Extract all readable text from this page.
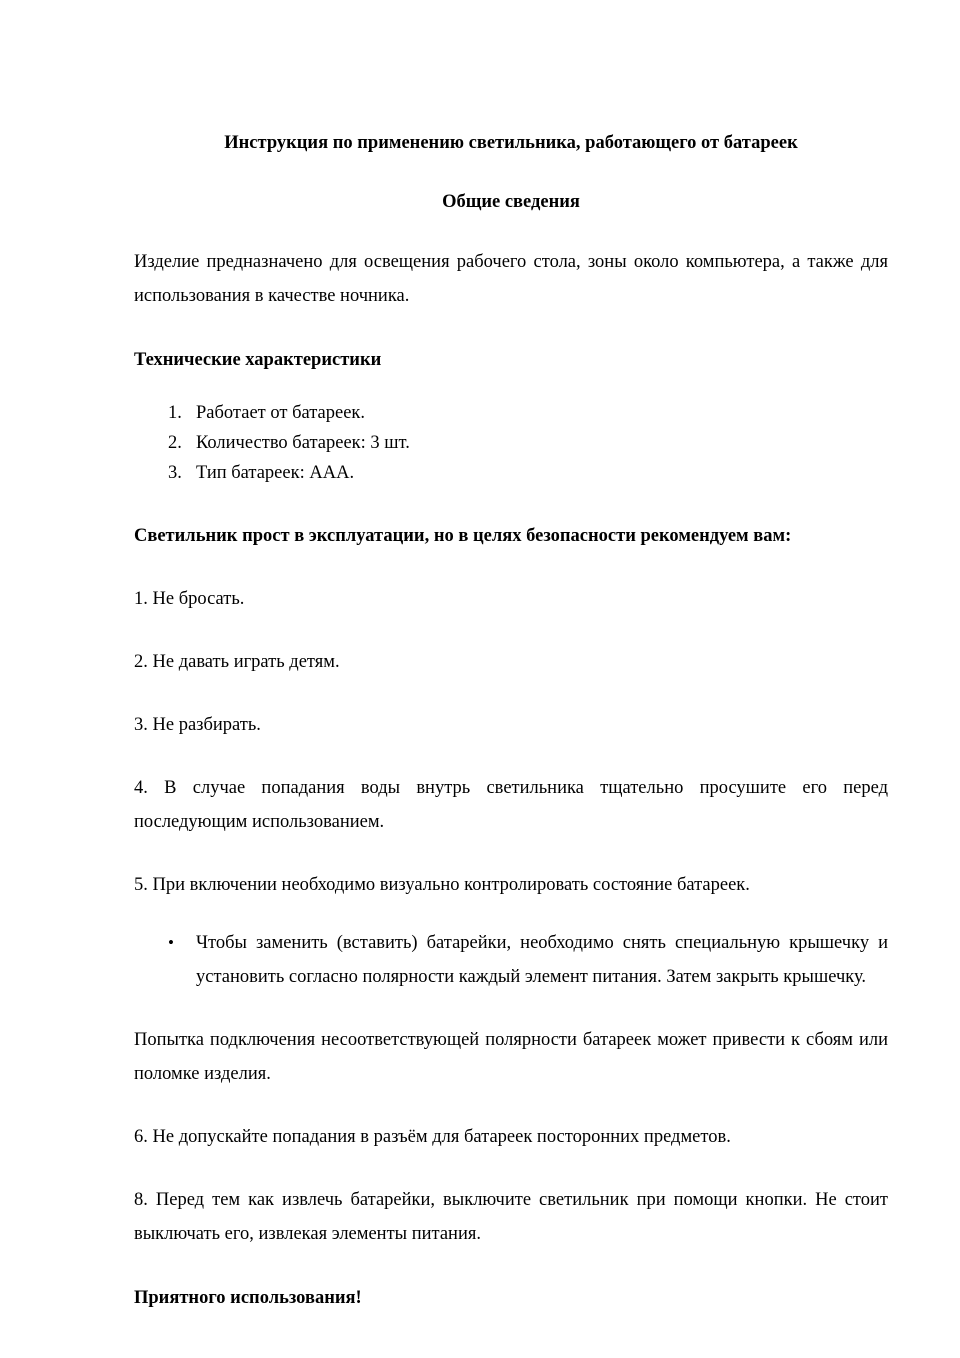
Инструкция по применению светильника, работающего от батареек
Общие сведения

Изделие предназначено для освещения рабочего стола, зоны около компьютера, а также для использования в качестве ночника.

Технические характеристики
1. Работает от батареек.
2. Количество батареек: 3 шт.
3. Тип батареек: ААА.
Светильник прост в эксплуатации, но в целях безопасности рекомендуем вам:

1. Не бросать.

2. Не давать играть детям.

3. Не разбирать.

4. В случае попадания воды внутрь светильника тщательно просушите его перед последующим использованием.

5. При включении необходимо визуально контролировать состояние батареек.

• Чтобы заменить (вставить) батарейки, необходимо снять специальную крышечку и установить согласно полярности каждый элемент питания. Затем закрыть крышечку.

Попытка подключения несоответствующей полярности батареек может привести к сбоям или поломке изделия.

6. Не допускайте попадания в разъём для батареек посторонних предметов.

8. Перед тем как извлечь батарейки, выключите светильник при помощи кнопки. Не стоит выключать его, извлекая элементы питания.

Приятного использования!
